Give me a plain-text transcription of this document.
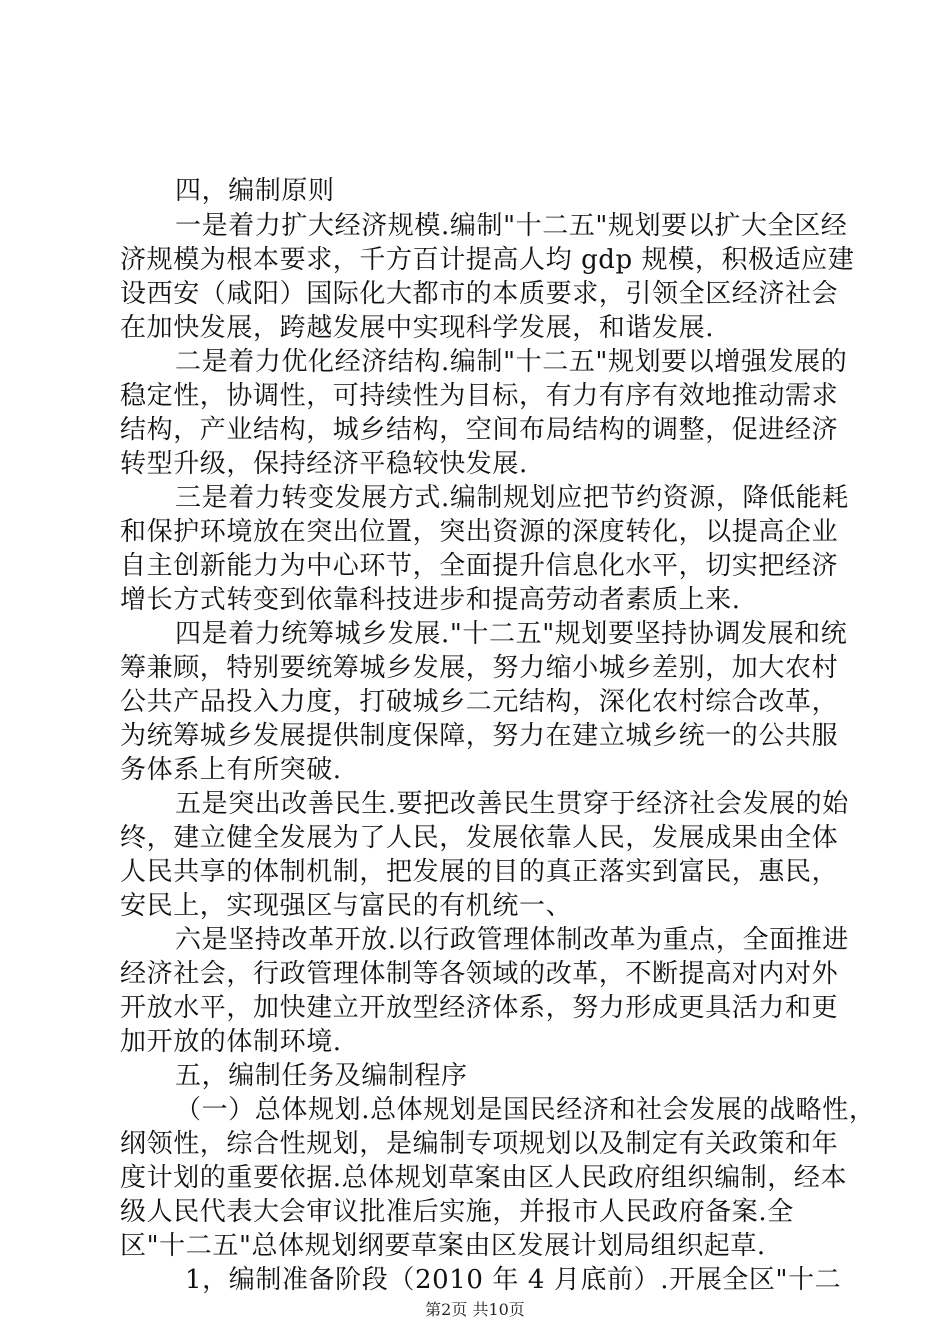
四，编制原则
一是着力扩大经济规模.编制"十二五"规划要以扩大全区经
济规模为根本要求，千方百计提高人均 gdp 规模，积极适应建
设西安（咸阳）国际化大都市的本质要求，引领全区经济社会
在加快发展，跨越发展中实现科学发展，和谐发展.
二是着力优化经济结构.编制"十二五"规划要以增强发展的
稳定性，协调性，可持续性为目标，有力有序有效地推动需求
结构，产业结构，城乡结构，空间布局结构的调整，促进经济
转型升级，保持经济平稳较快发展.
三是着力转变发展方式.编制规划应把节约资源，降低能耗
和保护环境放在突出位置，突出资源的深度转化，以提高企业
自主创新能力为中心环节，全面提升信息化水平，切实把经济
增长方式转变到依靠科技进步和提高劳动者素质上来.
四是着力统筹城乡发展."十二五"规划要坚持协调发展和统
筹兼顾，特别要统筹城乡发展，努力缩小城乡差别，加大农村
公共产品投入力度，打破城乡二元结构，深化农村综合改革，
为统筹城乡发展提供制度保障，努力在建立城乡统一的公共服
务体系上有所突破.
五是突出改善民生.要把改善民生贯穿于经济社会发展的始
终，建立健全发展为了人民，发展依靠人民，发展成果由全体
人民共享的体制机制，把发展的目的真正落实到富民，惠民，
安民上，实现强区与富民的有机统一、
六是坚持改革开放.以行政管理体制改革为重点，全面推进
经济社会，行政管理体制等各领域的改革，不断提高对内对外
开放水平，加快建立开放型经济体系，努力形成更具活力和更
加开放的体制环境.
五，编制任务及编制程序
（一）总体规划.总体规划是国民经济和社会发展的战略性，
纲领性，综合性规划，是编制专项规划以及制定有关政策和年
度计划的重要依据.总体规划草案由区人民政府组织编制，经本
级人民代表大会审议批准后实施，并报市人民政府备案.全
区"十二五"总体规划纲要草案由区发展计划局组织起草.
1，编制准备阶段（2010 年 4 月底前）.开展全区"十二
第2页 共10页
